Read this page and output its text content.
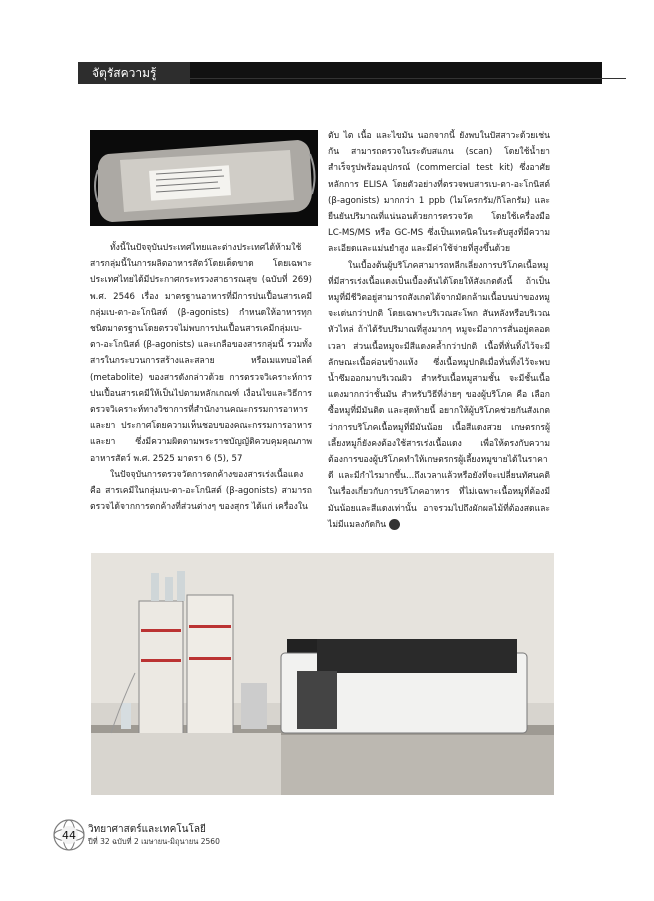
จัตุรัสความรู้

ทั้งนี้ในปัจจุบันประเทศไทยและต่างประเทศได้ห้ามใช้สารกลุ่มนี้ในการผลิตอาหารสัตว์โดยเด็ดขาด โดยเฉพาะประเทศไทยได้มีประกาศกระทรวงสาธารณสุข (ฉบับที่ 269) พ.ศ. 2546 เรื่อง มาตรฐานอาหารที่มีการปนเปื้อนสารเคมีกลุ่มเบ-ตา-อะโกนิสต์ (β-agonists) กำหนดให้อาหารทุกชนิดมาตรฐานโดยตรวจไม่พบการปนเปื้อนสารเคมีกลุ่มเบ-ตา-อะโกนิสต์ (β-agonists) และเกลือของสารกลุ่มนี้ รวมทั้งสารในกระบวนการสร้างและสลาย หรือเมแทบอไลต์ (metabolite) ของสารดังกล่าวด้วย การตรวจวิเคราะห์การปนเปื้อนสารเคมีให้เป็นไปตามหลักเกณฑ์ เงื่อนไขและวิธีการตรวจวิเคราะห์ทางวิชาการที่สำนักงานคณะกรรมการอาหารและยา ประกาศโดยความเห็นชอบของคณะกรรมการอาหารและยา ซึ่งมีความผิดตามพระราชบัญญัติควบคุมคุณภาพอาหารสัตว์ พ.ศ. 2525 มาตรา 6 (5), 57

ในปัจจุบันการตรวจวัดการตกค้างของสารเร่งเนื้อแดง คือ สารเคมีในกลุ่มเบ-ตา-อะโกนิสต์ (β-agonists) สามารถตรวจได้จากการตกค้างที่ส่วนต่างๆ ของสุกร ได้แก่ เครื่องใน

ตับ ไต เนื้อ และไขมัน นอกจากนี้ ยังพบในปัสสาวะด้วยเช่นกัน สามารถตรวจในระดับสแกน (scan) โดยใช้น้ำยาสำเร็จรูปพร้อมอุปกรณ์ (commercial test kit) ซึ่งอาศัยหลักการ ELISA โดยตัวอย่างที่ตรวจพบสารเบ-ตา-อะโกนิสต์ (β-agonists) มากกว่า 1 ppb (ไมโครกรัม/กิโลกรัม) และยืนยันปริมาณที่แน่นอนด้วยการตรวจวัด โดยใช้เครื่องมือ LC-MS/MS หรือ GC-MS ซึ่งเป็นเทคนิคในระดับสูงที่มีความละเอียดและแม่นยำสูง และมีค่าใช้จ่ายที่สูงขึ้นด้วย

ในเบื้องต้นผู้บริโภคสามารถหลีกเลี่ยงการบริโภคเนื้อหมูที่มีสารเร่งเนื้อแดงเป็นเบื้องต้นได้โดยให้สังเกตดังนี้ ถ้าเป็นหมูที่มีชีวิตอยู่สามารถสังเกตได้จากมัดกล้ามเนื้อบนบ่าของหมูจะเด่นกว่าปกติ โดยเฉพาะบริเวณสะโพก สันหลังหรือบริเวณหัวไหล่ ถ้าได้รับปริมาณที่สูงมากๆ หมูจะมีอาการสั่นอยู่ตลอดเวลา ส่วนเนื้อหมูจะมีสีแดงคล้ำกว่าปกติ เนื้อที่หั่นทิ้งไว้จะมีลักษณะเนื้อค่อนข้างแห้ง ซึ่งเนื้อหมูปกติเมื่อหั่นทิ้งไว้จะพบน้ำซึมออกมาบริเวณผิว สำหรับเนื้อหมูสามชั้น จะมีชั้นเนื้อแดงมากกว่าชั้นมัน สำหรับวิธีที่ง่ายๆ ของผู้บริโภค คือ เลือกซื้อหมูที่มีมันติด และสุดท้ายนี้ อยากให้ผู้บริโภคช่วยกันสังเกตว่าการบริโภคเนื้อหมูที่มีมันน้อย เนื้อสีแดงสวย เกษตรกรผู้เลี้ยงหมูก็ยังคงต้องใช้สารเร่งเนื้อแดง เพื่อให้ตรงกับความต้องการของผู้บริโภคทำให้เกษตรกรผู้เลี้ยงหมูขายได้ในราคาดี และมีกำไรมากขึ้น...ถึงเวลาแล้วหรือยังที่จะเปลี่ยนทัศนคติในเรื่องเกี่ยวกับการบริโภคอาหาร ที่ไม่เฉพาะเนื้อหมูที่ต้องมีมันน้อยและสีแดงเท่านั้น อาจรวมไปถึงผักผลไม้ที่ต้องสดและไม่มีแมลงกัดกิน	➜

44	วิทยาศาสตร์และเทคโนโลยี
ปีที่ 32 ฉบับที่ 2 เมษายน-มิถุนายน 2560
